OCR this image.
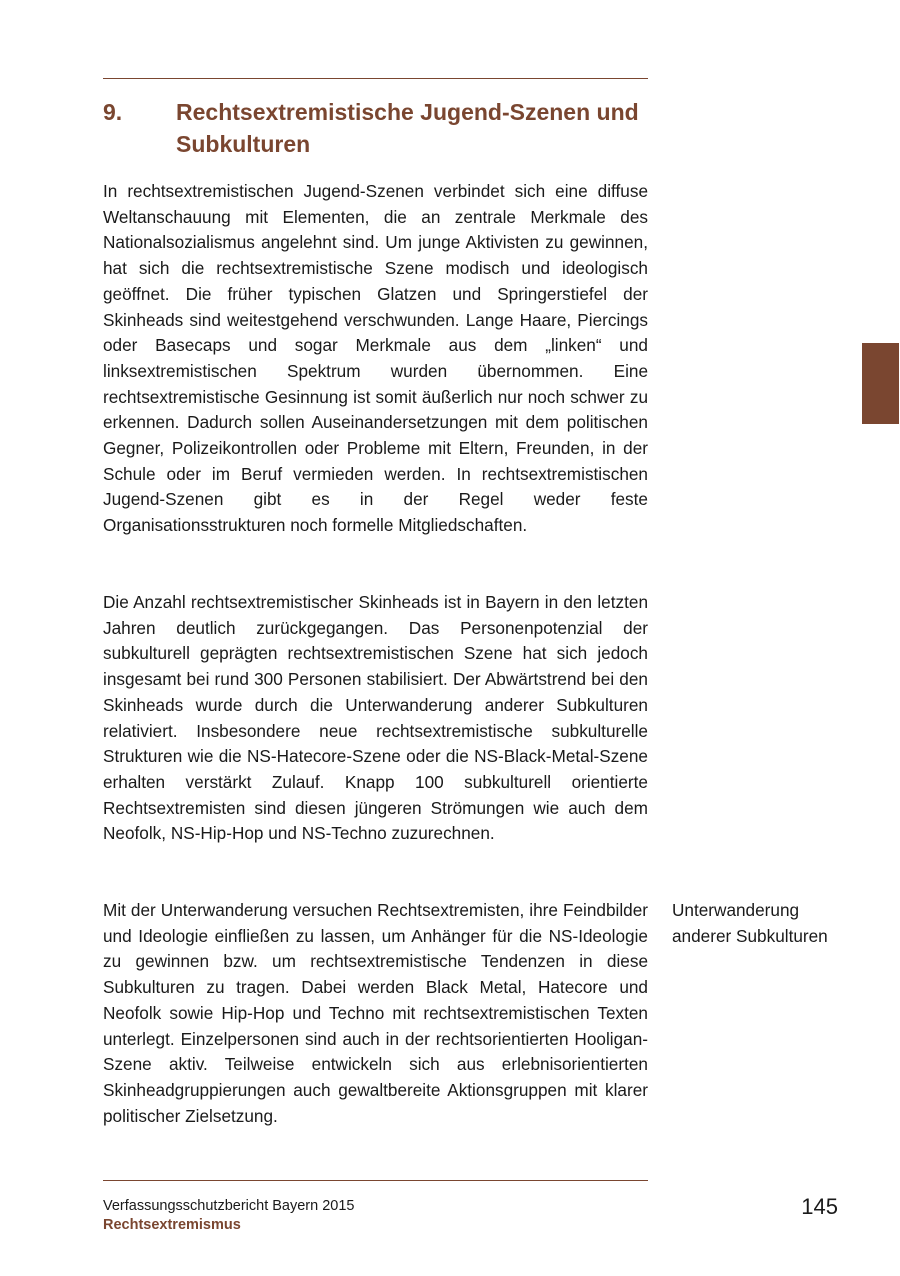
9. Rechtsextremistische Jugend-Szenen und Subkulturen

In rechtsextremistischen Jugend-Szenen verbindet sich eine diffuse Weltanschauung mit Elementen, die an zentrale Merkmale des Nationalsozialismus angelehnt sind. Um junge Aktivisten zu gewinnen, hat sich die rechtsextremistische Szene modisch und ideologisch geöffnet. Die früher typischen Glatzen und Springerstiefel der Skinheads sind weitestgehend verschwunden. Lange Haare, Piercings oder Basecaps und sogar Merkmale aus dem „linken“ und linksextremistischen Spektrum wurden übernommen. Eine rechtsextremistische Gesinnung ist somit äußerlich nur noch schwer zu erkennen. Dadurch sollen Auseinandersetzungen mit dem politischen Gegner, Polizeikontrollen oder Probleme mit Eltern, Freunden, in der Schule oder im Beruf vermieden werden. In rechtsextremistischen Jugend-Szenen gibt es in der Regel weder feste Organisationsstrukturen noch formelle Mitgliedschaften.

Die Anzahl rechtsextremistischer Skinheads ist in Bayern in den letzten Jahren deutlich zurückgegangen. Das Personenpotenzial der subkulturell geprägten rechtsextremistischen Szene hat sich jedoch insgesamt bei rund 300 Personen stabilisiert. Der Abwärtstrend bei den Skinheads wurde durch die Unterwanderung anderer Subkulturen relativiert. Insbesondere neue rechtsextremistische subkulturelle Strukturen wie die NS-Hatecore-Szene oder die NS-Black-Metal-Szene erhalten verstärkt Zulauf. Knapp 100 subkulturell orientierte Rechtsextremisten sind diesen jüngeren Strömungen wie auch dem Neofolk, NS-Hip-Hop und NS-Techno zuzurechnen.

Mit der Unterwanderung versuchen Rechtsextremisten, ihre Feindbilder und Ideologie einfließen zu lassen, um Anhänger für die NS-Ideologie zu gewinnen bzw. um rechtsextremistische Tendenzen in diese Subkulturen zu tragen. Dabei werden Black Metal, Hatecore und Neofolk sowie Hip-Hop und Techno mit rechtsextremistischen Texten unterlegt. Einzelpersonen sind auch in der rechtsorientierten Hooligan-Szene aktiv. Teilweise entwickeln sich aus erlebnisorientierten Skinheadgruppierungen auch gewaltbereite Aktionsgruppen mit klarer politischer Zielsetzung.

Unterwanderung anderer Subkulturen
Verfassungsschutzbericht Bayern 2015
Rechtsextremismus
145
